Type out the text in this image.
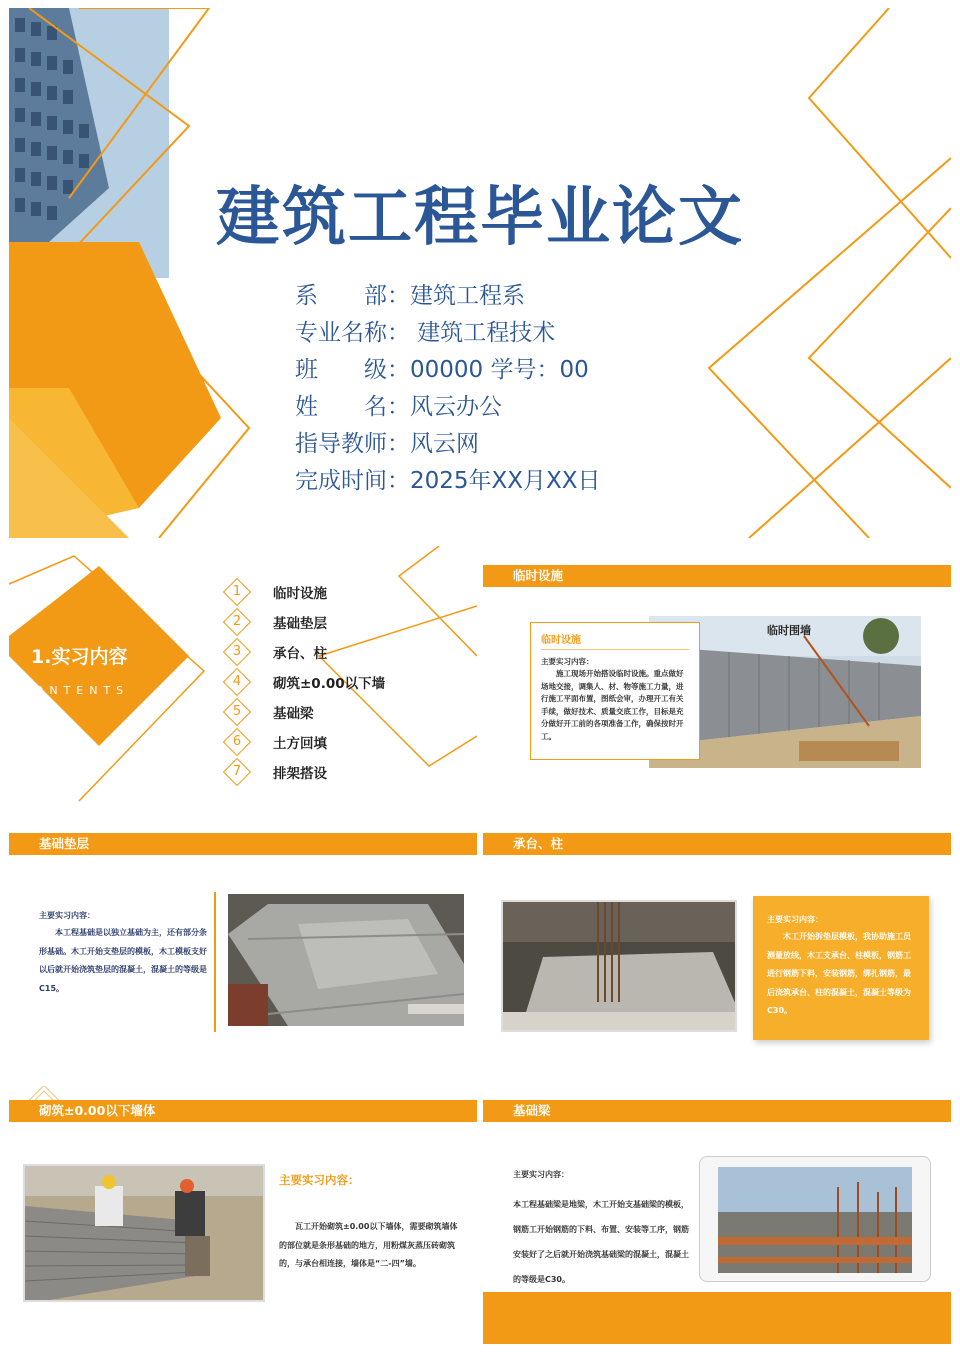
建筑工程毕业论文
系　　部：建筑工程系
专业名称： 建筑工程技术
班　　级：00000 学号：00
姓　　名：风云办公
指导教师：风云网
完成时间：2025年XX月XX日
1.实习内容
CONTENTS
1	临时设施
2	基础垫层
3	承台、柱
4	砌筑±0.00以下墙
5	基础梁
6	土方回填
7	排架搭设
临时设施
临时围墙
临时设施
主要实习内容：
施工现场开始搭设临时设施。重点做好场地交接，调集人、材、物等施工力量，进行施工平面布置，图纸会审，办理开工有关手续，做好技术、质量交底工作，目标是充分做好开工前的各项准备工作，确保按时开工。
基础垫层
主要实习内容：
本工程基础是以独立基础为主，还有部分条形基础。木工开始支垫层的模板，木工模板支好以后就开始浇筑垫层的混凝土，混凝土的等级是C15。
承台、柱
主要实习内容：
木工开始拆垫层模板，我协助施工员测量放线，木工支承台、柱模板，钢筋工进行钢筋下料，安装钢筋，绑扎钢筋，最后浇筑承台、柱的混凝土，混凝土等级为C30。
砌筑±0.00以下墙体
主要实习内容：
瓦工开始砌筑±0.00以下墙体，需要砌筑墙体的部位就是条形基础的地方，用粉煤灰蒸压砖砌筑的，与承台相连接，墙体是“二-四”墙。
基础梁
主要实习内容：
本工程基础梁是地梁，木工开始支基础梁的模板，钢筋工开始钢筋的下料、布置、安装等工序，钢筋安装好了之后就开始浇筑基础梁的混凝土，混凝土的等级是C30。
